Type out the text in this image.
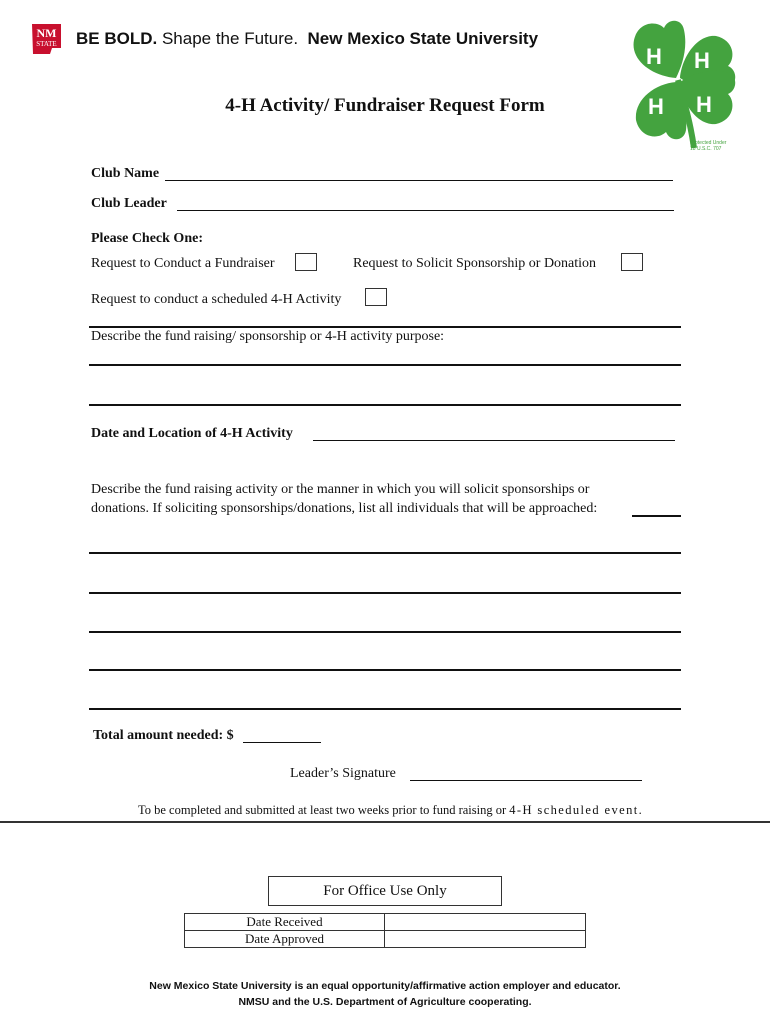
NM
STATE BE BOLD. Shape the Future. New Mexico State University
H H
H H
Protected Under
18 U.S.C. 707
4-H Activity/ Fundraiser Request Form
Club Name
Club Leader
Please Check One:
Request to Conduct a Fundraiser	Request to Solicit Sponsorship or Donation
Request to conduct a scheduled 4-H Activity
Describe the fund raising/ sponsorship or 4-H activity purpose:
Date and Location of 4-H Activity
Describe the fund raising activity or the manner in which you will solicit sponsorships or
donations. If soliciting sponsorships/donations, list all individuals that will be approached:
Total amount needed: $
Leader’s Signature
To be completed and submitted at least two weeks prior to fund raising or 4-H scheduled event.
For Office Use Only
Date Received	
Date Approved	
New Mexico State University is an equal opportunity/affirmative action employer and educator.
NMSU and the U.S. Department of Agriculture cooperating.
